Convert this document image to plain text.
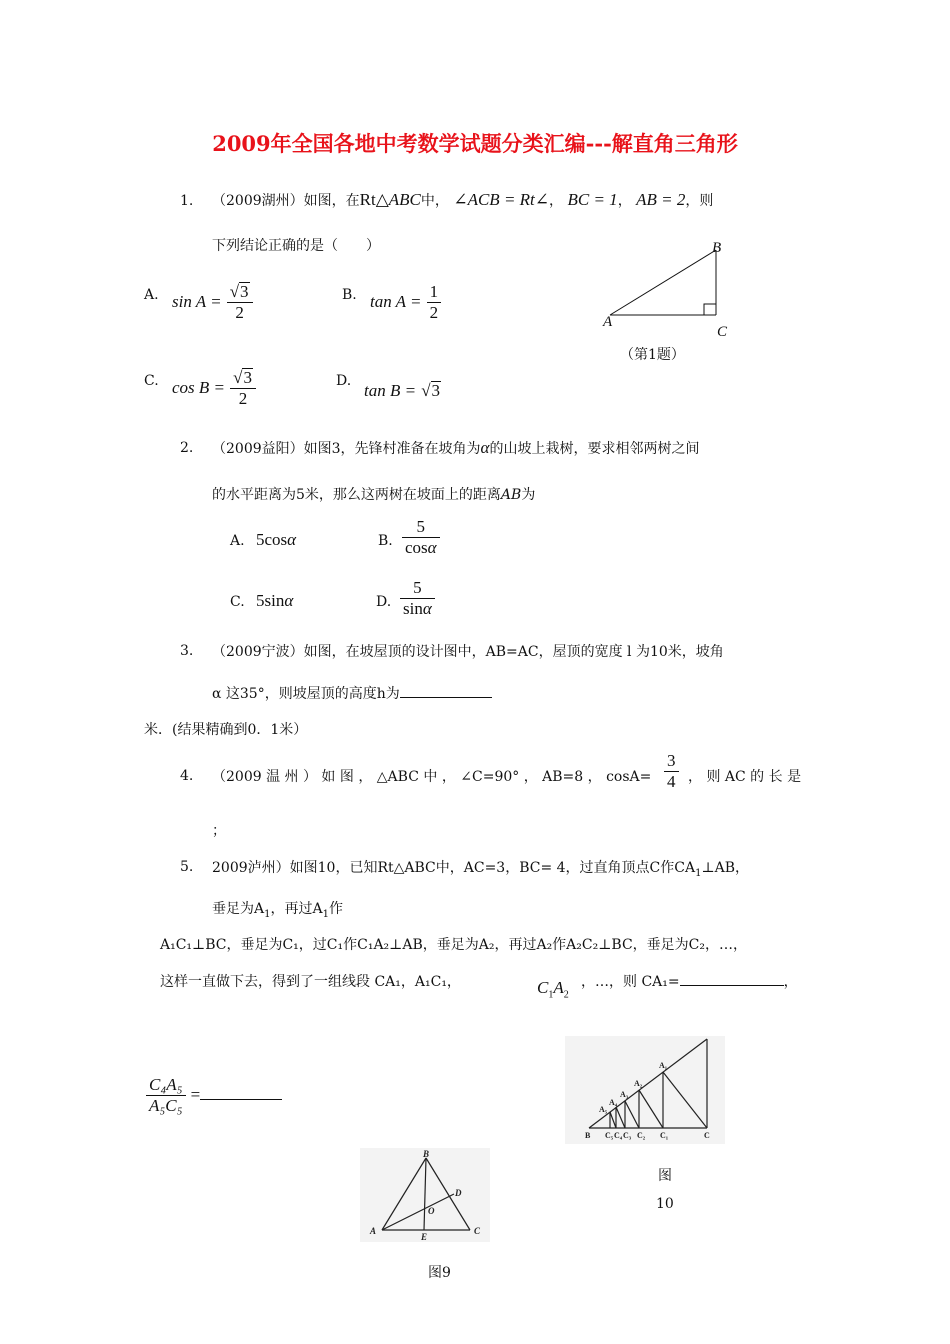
2009年全国各地中考数学试题分类汇编---解直角三角形
1. （2009湖州）如图，在Rt△ABC中， ∠ACB = Rt∠， BC = 1， AB = 2，则
下列结论正确的是（　　）
A. $\sin A = \frac{√3}{2}$	B. $\tan A = \frac{1}{2}$	A
B
C
（第1题）
C. $\cos B = \frac{√3}{2}$	D. tan B = √3
2. （2009益阳）如图3，先锋村准备在坡角为α的山坡上栽树，要求相邻两树之间
的水平距离为5米，那么这两树在坡面上的距离AB为
A. 5cosα	B. $\frac{5}{\cos\alpha}$
C. 5sinα	D. $\frac{5}{\sin\alpha}$
3. （2009宁波）如图，在坡屋顶的设计图中，AB=AC，屋顶的宽度 l 为10米，坡角
α 这35°，则坡屋顶的高度h为
米．(结果精确到0．1米）
4. （2009 温 州 ） 如 图 ， △ABC 中 ， ∠C=90° ， AB=8 ， $\cos A= \frac{3}{4}$ ， 则 AC 的 长 是
；
5. 2009泸州）如图10，已知Rt△ABC中，AC=3，BC= 4，过直角顶点C作$CA_1\perp AB$，
垂足为$A_1$，再过$A_1$作
A₁C₁⊥BC，垂足为C₁，过C₁作C₁A₂⊥AB，垂足为A₂，再过A₂作A₂C₂⊥BC，垂足为C₂，…，
这样一直做下去，得到了一组线段 CA₁，A₁C₁，	$C_1A_2$
，…，则 CA₁=	，
$\frac{\text{C₄A₅}}{\text{A₅C₅}}$ =
B C₅ C₄ C₃ C₂ C₁	C
A₁
A₂
A₃
A₄
A₅
图
10
B
D
O
A
E
C
图9
